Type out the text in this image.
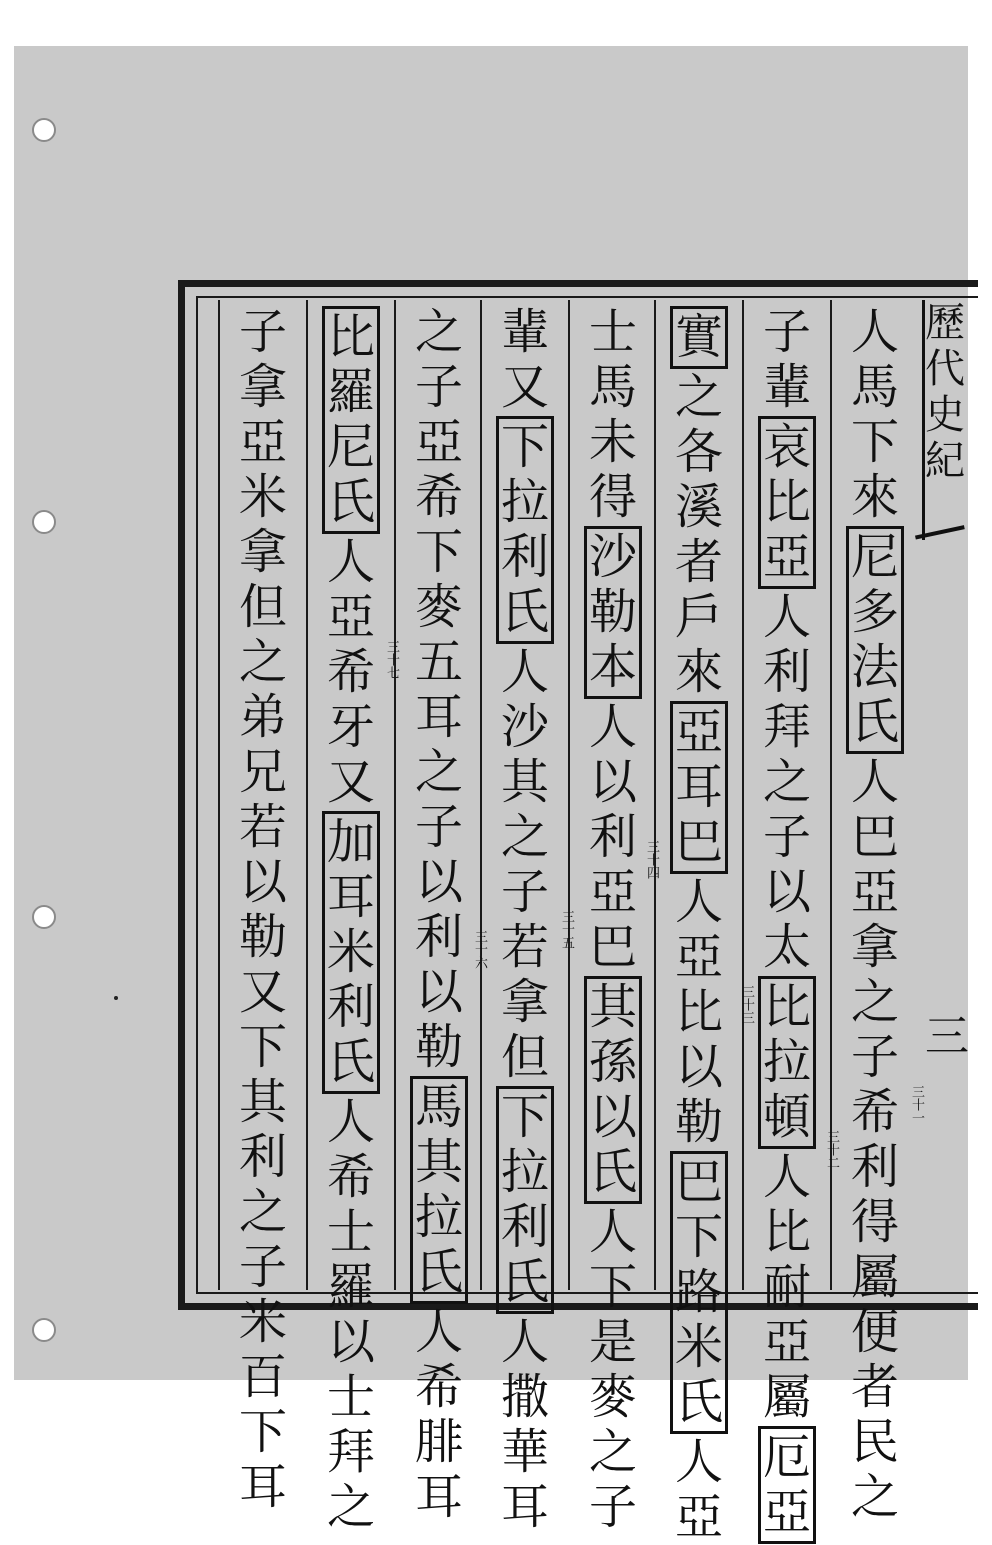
歷代史紀
三
人
馬
下
來
尼
多
法
氏
人
巴
亞
拿
之
子
希
利
得
屬
便
者
民
之
子
輩
哀
比
亞
人
利
拜
之
子
以
太
比
拉
頓
人
比
耐
亞
屬
厄
亞
實
之
各
溪
者
戶
來
亞
耳
巴
人
亞
比
以
勒
巴
下
路
米
氏
人
亞
士
馬
未
得
沙
勒
本
人
以
利
亞
巴
其
孫
以
氏
人
下
是
麥
之
子
輩
又
下
拉
利
氏
人
沙
其
之
子
若
拿
但
下
拉
利
氏
人
撒
華
耳
之
子
亞
希
下
麥
五
耳
之
子
以
利
以
勒
馬
其
拉
氏
人
希
腓
耳
比
羅
尼
氏
人
亞
希
牙
又
加
耳
米
利
氏
人
希
士
羅
以
士
拜
之
子
拿
亞
米
拿
但
之
弟
兄
若
以
勒
又
下
其
利
之
子
米
百
下
耳
三十一
三十二
三十三
三十四
三十五
三十六
三十七
